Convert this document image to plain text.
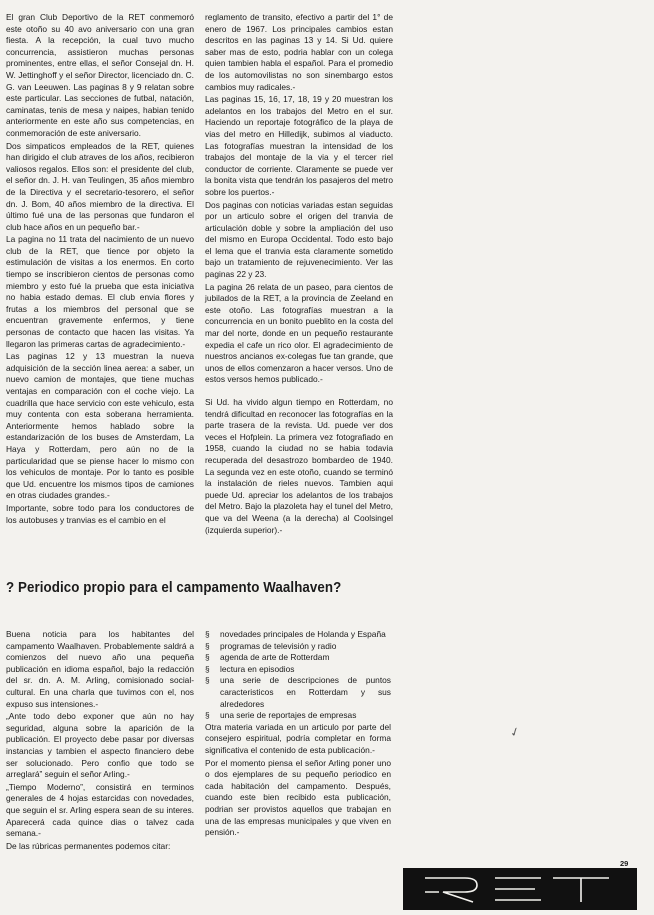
El gran Club Deportivo de la RET conmemoró este otoño su 40 avo aniversario con una gran fiesta. A la recepción, la cual tuvo mucho concurrencia, assistieron muchas personas prominentes, entre ellas, el señor Consejal dn. H. W. Jettinghoff y el señor Director, licenciado dn. C. G. van Leeuwen. Las paginas 8 y 9 relatan sobre este particular. Las secciones de futbal, natación, caminatas, tenis de mesa y naipes, habian tenido anteriormente en este año sus competencias, en conmemoración de este aniversario.

Dos simpaticos empleados de la RET, quienes han dirigido el club atraves de los años, recibieron valiosos regalos. Ellos son: el presidente del club, el señor dn. J. H. van Teulingen, 35 años miembro de la Directiva y el secretario-tesorero, el señor dn. J. Bom, 40 años miembro de la directiva. El último fué una de las personas que fundaron el club hace años en un pequeño bar.-

La pagina no 11 trata del nacimiento de un nuevo club de la RET, que tience por objeto la estimulación de visitas a los enermos. En corto tiempo se inscribieron cientos de personas como miembro y esto fué la prueba que esta iniciativa no habia estado demas. El club envia flores y frutas a los miembros del personal que se encuentran gravemente enfermos, y tiene personas de contacto que hacen las visitas. Ya llegaron las primeras cartas de agradecimiento.-

Las paginas 12 y 13 muestran la nueva adquisición de la sección linea aerea: a saber, un nuevo camion de montajes, que tiene muchas ventajas en comparación con el coche viejo. La cuadrilla que hace servicio con este vehiculo, esta muy contenta con esta soberana herramienta. Anteriormente hemos hablado sobre la estandarización de los buses de Amsterdam, La Haya y Rotterdam, pero aún no de la particularidad que se piense hacer lo mismo con los vehiculos de montaje. Por lo tanto es posible que Ud. encuentre los mismos tipos de camiones en otras ciudades grandes.-

Importante, sobre todo para los conductores de los autobuses y tranvias es el cambio en el

reglamento de transito, efectivo a partir del 1° de enero de 1967. Los principales cambios estan descritos en las paginas 13 y 14. Si Ud. quiere saber mas de esto, podria hablar con un colega quien tambien habla el español. Para el promedio de los automovilistas no son sinembargo estos cambios muy radicales.-

Las paginas 15, 16, 17, 18, 19 y 20 muestran los adelantos en los trabajos del Metro en el sur. Haciendo un reportaje fotográfico de la playa de vias del metro en Hilledijk, subimos al viaducto. Las fotografías muestran la intensidad de los trabajos del montaje de la via y el tercer riel conductor de corriente. Claramente se puede ver la bonita vista que tendrán los pasajeros del metro sobre los puertos.-

Dos paginas con noticias variadas estan seguidas por un articulo sobre el origen del tranvia de articulación doble y sobre la ampliación del uso del mismo en Europa Occidental. Todo esto bajo el lema que el tranvia esta claramente sometido bajo un tratamiento de rejuvenecimiento. Ver las paginas 22 y 23.

La pagina 26 relata de un paseo, para cientos de jubilados de la RET, a la provincia de Zeeland en este otoño. Las fotografías muestran a la concurrencia en un bonito pueblito en la costa del mar del norte, donde en un pequeño restaurante expedia el cafe un rico olor. El agradecimiento de nuestros ancianos ex-colegas fue tan grande, que unos de ellos comenzaron a hacer versos. Uno de estos versos hemos publicado.-

Si Ud. ha vivido algun tiempo en Rotterdam, no tendrá dificultad en reconocer las fotografías en la parte trasera de la revista. Ud. puede ver dos veces el Hofplein. La primera vez fotografiado en 1958, cuando la ciudad no se habia todavia recuperada del desastrozo bombardeo de 1940. La segunda vez en este otoño, cuando se terminó la instalación de rieles nuevos. Tambien aqui puede Ud. apreciar los adelantos de los trabajos del Metro. Bajo la plazoleta hay el tunel del Metro, que va del Weena (a la derecha) al Coolsingel (izquierda superior).-

? Periodico propio para el campamento Waalhaven?

Buena noticia para los habitantes del campamento Waalhaven. Probablemente saldrá a comienzos del nuevo año una pequeña publicación en idioma español, bajo la redacción del sr. dn. A. M. Arling, comisionado social-cultural. En una charla que tuvimos con el, nos expuso sus intensiones.-

„Ante todo debo exponer que aún no hay seguridad, alguna sobre la aparición de la publicación. El proyecto debe pasar por diversas instancias y tambien el aspecto financiero debe ser solucionado. Pero confio que todo se arreglará” seguin el señor Arling.-

„Tiempo Moderno”, consistirá en terminos generales de 4 hojas estarcidas con novedades, que seguin el sr. Arling espera sean de su interes. Aparecerá cada quince dias o talvez cada semana.-

De las rúbricas permanentes podemos citar:

§ novedades principales de Holanda y España
§ programas de televisión y radio
§ agenda de arte de Rotterdam
§ lectura en episodios
§ una serie de descripciones de puntos caracteristicos en Rotterdam y sus alrededores
§ una serie de reportajes de empresas

Otra materia variada en un articulo por parte del consejero espiritual, podría completar en forma significativa el contenido de esta publicación.-

Por el momento piensa el señor Arling poner uno o dos ejemplares de su pequeño periodico en cada habitación del campamento. Después, cuando este bien recibido esta publicación, podrian ser provistos aquellos que trabajan en una de las empresas municipales y que viven en pensión.-

✓
29
